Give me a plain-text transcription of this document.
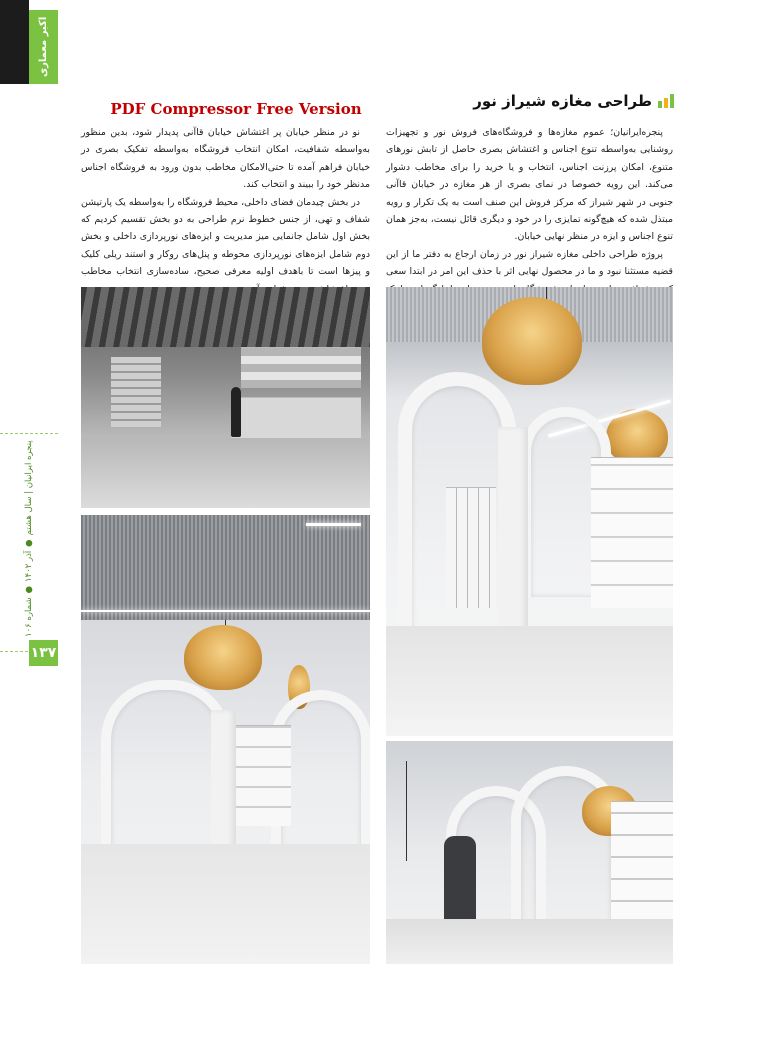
اکبر معماری
PDF Compressor Free Version	طراحی مغازه شیراز نور

پنجره‌ایرانیان؛ عموم مغازه‌ها و فروشگاه‌های فروش نور و تجهیزات روشنایی به‌واسطه تنوع اجناس و اغتشاش بصری حاصل از تابش نورهای متنوع، امکان پرزنت اجناس، انتخاب و یا خرید را برای مخاطب دشوار می‌کند. این رویه خصوصا در نمای بصری از هر مغازه در خیابان قاآنی جنوبی در شهر شیراز که مرکز فروش این صنف است به یک تکرار و رویه مبتذل شده که هیچ‌گونه تمایزی را در خود و دیگری قائل نیست، به‌جز همان تنوع اجناس و ایزه در منظر نهایی خیابان.

پروژه طراحی داخلی مغازه شیراز نور در زمان ارجاع به دفتر ما از این قضیه مستثنا نبود و ما در محصول نهایی اثر با حذف این امر در ابتدا سعی

نو در منظر خیابان پر اغتشاش خیابان قاآنی پدیدار شود، بدین منظور به‌واسطه شفافیت، امکان انتخاب فروشگاه به‌واسطه تفکیک بصری در خیابان فراهم آمده تا حتی‌الامکان مخاطب بدون ورود به فروشگاه اجناس مدنظر خود را ببیند و انتخاب کند.

در بخش چیدمان فضای داخلی، محیط فروشگاه را به‌واسطه یک پارتیشن شفاف و تهی، از جنس خطوط نرم طراحی به دو بخش تقسیم کردیم که بخش اول شامل جانمایی میز مدیریت و ایزه‌های نورپردازی داخلی و بخش دوم شامل ایزه‌های نورپردازی محوطه و پنل‌های روکار و استند ریلی کلیک و پیزها است تا باهدف اولیه معرفی صحیح، ساده‌سازی انتخاب مخاطب

پنجره ایرانیان | سال هشتم ● آذر ۱۴۰۲ ● شماره ۱۰۶
۱۳۷
